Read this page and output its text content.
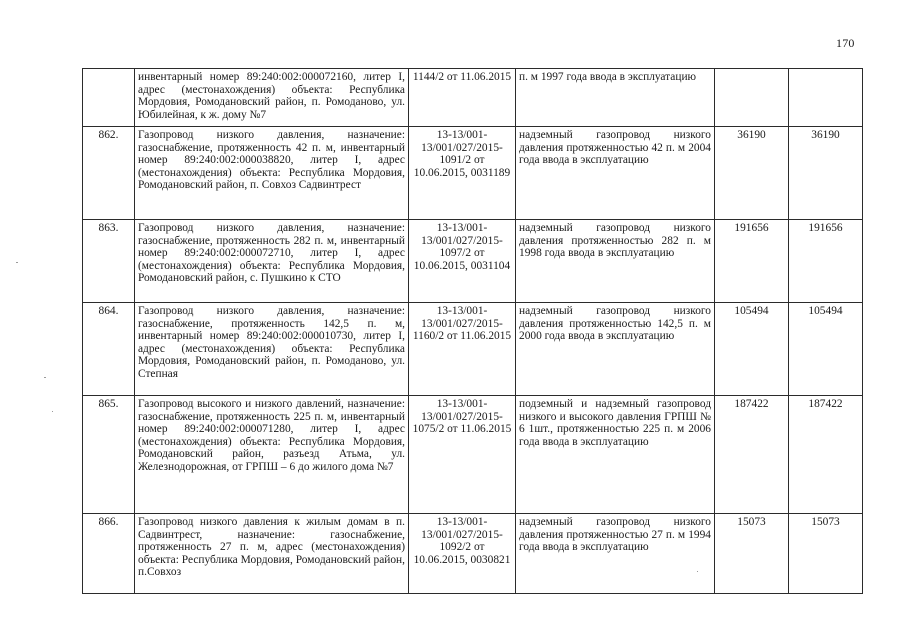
170
	инвентарный номер 89:240:002:000072160, литер I, адрес (местонахождения) объекта: Республика Мордовия, Ромодановский район, п. Ромоданово, ул. Юбилейная, к ж. дому №7	1144/2 от 11.06.2015	п. м 1997 года ввода в эксплуатацию		
862.	Газопровод низкого давления, назначение: газоснабжение, протяженность 42 п. м, инвентарный номер 89:240:002:000038820, литер I, адрес (местонахождения) объекта: Республика Мордовия, Ромодановский район, п. Совхоз Садвинтрест	13-13/001-13/001/027/2015-1091/2 от 10.06.2015, 0031189	надземный газопровод низкого давления протяженностью 42 п. м 2004 года ввода в эксплуатацию	36190	36190
863.	Газопровод низкого давления, назначение: газоснабжение, протяженность 282 п. м, инвентарный номер 89:240:002:000072710, литер I, адрес (местонахождения) объекта: Республика Мордовия, Ромодановский район, с. Пушкино к СТО	13-13/001-13/001/027/2015-1097/2 от 10.06.2015, 0031104	надземный газопровод низкого давления протяженностью 282 п. м 1998 года ввода в эксплуатацию	191656	191656
864.	Газопровод низкого давления, назначение: газоснабжение, протяженность 142,5 п. м, инвентарный номер 89:240:002:000010730, литер I, адрес (местонахождения) объекта: Республика Мордовия, Ромодановский район, п. Ромоданово, ул. Степная	13-13/001-13/001/027/2015-1160/2 от 11.06.2015	надземный газопровод низкого давления протяженностью 142,5 п. м 2000 года ввода в эксплуатацию	105494	105494
865.	Газопровод высокого и низкого давлений, назначение: газоснабжение, протяженность 225 п. м, инвентарный номер 89:240:002:000071280, литер I, адрес (местонахождения) объекта: Республика Мордовия, Ромодановский район, разъезд Атьма, ул. Железнодорожная, от ГРПШ – 6 до жилого дома №7	13-13/001-13/001/027/2015-1075/2 от 11.06.2015	подземный и надземный газопровод низкого и высокого давления ГРПШ № 6 1шт., протяженностью 225 п. м 2006 года ввода в эксплуатацию	187422	187422
866.	Газопровод низкого давления к жилым домам в п. Садвинтрест, назначение: газоснабжение, протяженность 27 п. м, адрес (местонахождения) объекта: Республика Мордовия, Ромодановский район, п.Совхоз	13-13/001-13/001/027/2015-1092/2 от 10.06.2015, 0030821	надземный газопровод низкого давления протяженностью 27 п. м 1994 года ввода в эксплуатацию	15073	15073
